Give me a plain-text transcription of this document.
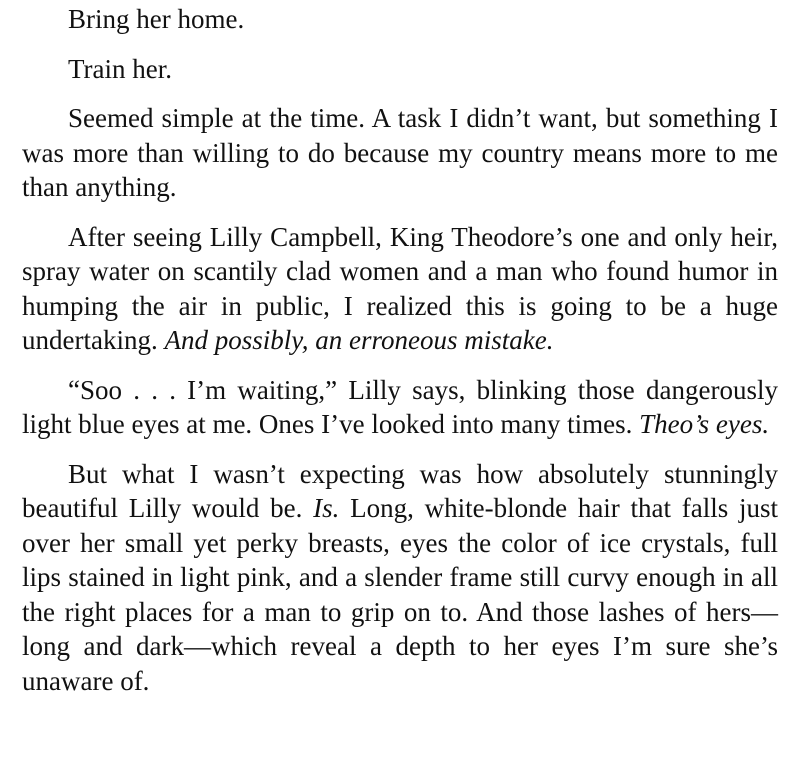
Bring her home.

Train her.

Seemed simple at the time. A task I didn’t want, but something I was more than willing to do because my country means more to me than anything.

After seeing Lilly Campbell, King Theodore’s one and only heir, spray water on scantily clad women and a man who found humor in humping the air in public, I realized this is going to be a huge undertaking. And possibly, an erroneous mistake.

“Soo . . . I’m waiting,” Lilly says, blinking those dangerously light blue eyes at me. Ones I’ve looked into many times. Theo’s eyes.

But what I wasn’t expecting was how absolutely stunningly beautiful Lilly would be. Is. Long, white-blonde hair that falls just over her small yet perky breasts, eyes the color of ice crystals, full lips stained in light pink, and a slender frame still curvy enough in all the right places for a man to grip on to. And those lashes of hers—long and dark—which reveal a depth to her eyes I’m sure she’s unaware of.
